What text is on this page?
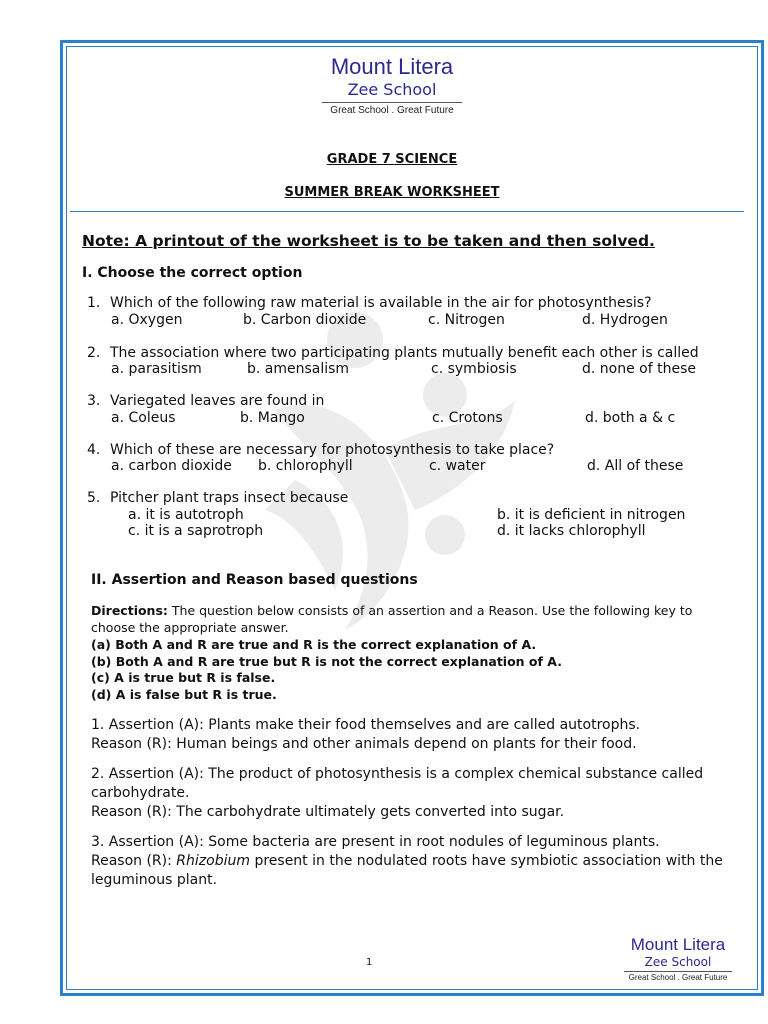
Mount Litera
Zee School
Great School . Great Future
GRADE 7 SCIENCE
SUMMER BREAK WORKSHEET
Note: A printout of the worksheet is to be taken and then solved.
I. Choose the correct option
1. Which of the following raw material is available in the air for photosynthesis?
a. Oxygen	b. Carbon dioxide	c. Nitrogen	d. Hydrogen
2. The association where two participating plants mutually benefit each other is called
a. parasitism	b. amensalism	c. symbiosis	d. none of these
3. Variegated leaves are found in
a. Coleus	b. Mango	c. Crotons	d. both a & c
4. Which of these are necessary for photosynthesis to take place?
a. carbon dioxide b. chlorophyll	c. water	d. All of these
5. Pitcher plant traps insect because
a. it is autotroph	b. it is deficient in nitrogen
c. it is a saprotroph	d. it lacks chlorophyll
II. Assertion and Reason based questions
Directions: The question below consists of an assertion and a Reason. Use the following key to choose the appropriate answer.
(a) Both A and R are true and R is the correct explanation of A.
(b) Both A and R are true but R is not the correct explanation of A.
(c) A is true but R is false.
(d) A is false but R is true.
1. Assertion (A): Plants make their food themselves and are called autotrophs.
Reason (R): Human beings and other animals depend on plants for their food.
2. Assertion (A): The product of photosynthesis is a complex chemical substance called carbohydrate.
Reason (R): The carbohydrate ultimately gets converted into sugar.
3. Assertion (A): Some bacteria are present in root nodules of leguminous plants.
Reason (R): Rhizobium present in the nodulated roots have symbiotic association with the leguminous plant.
1
Mount Litera
Zee School
Great School . Great Future
